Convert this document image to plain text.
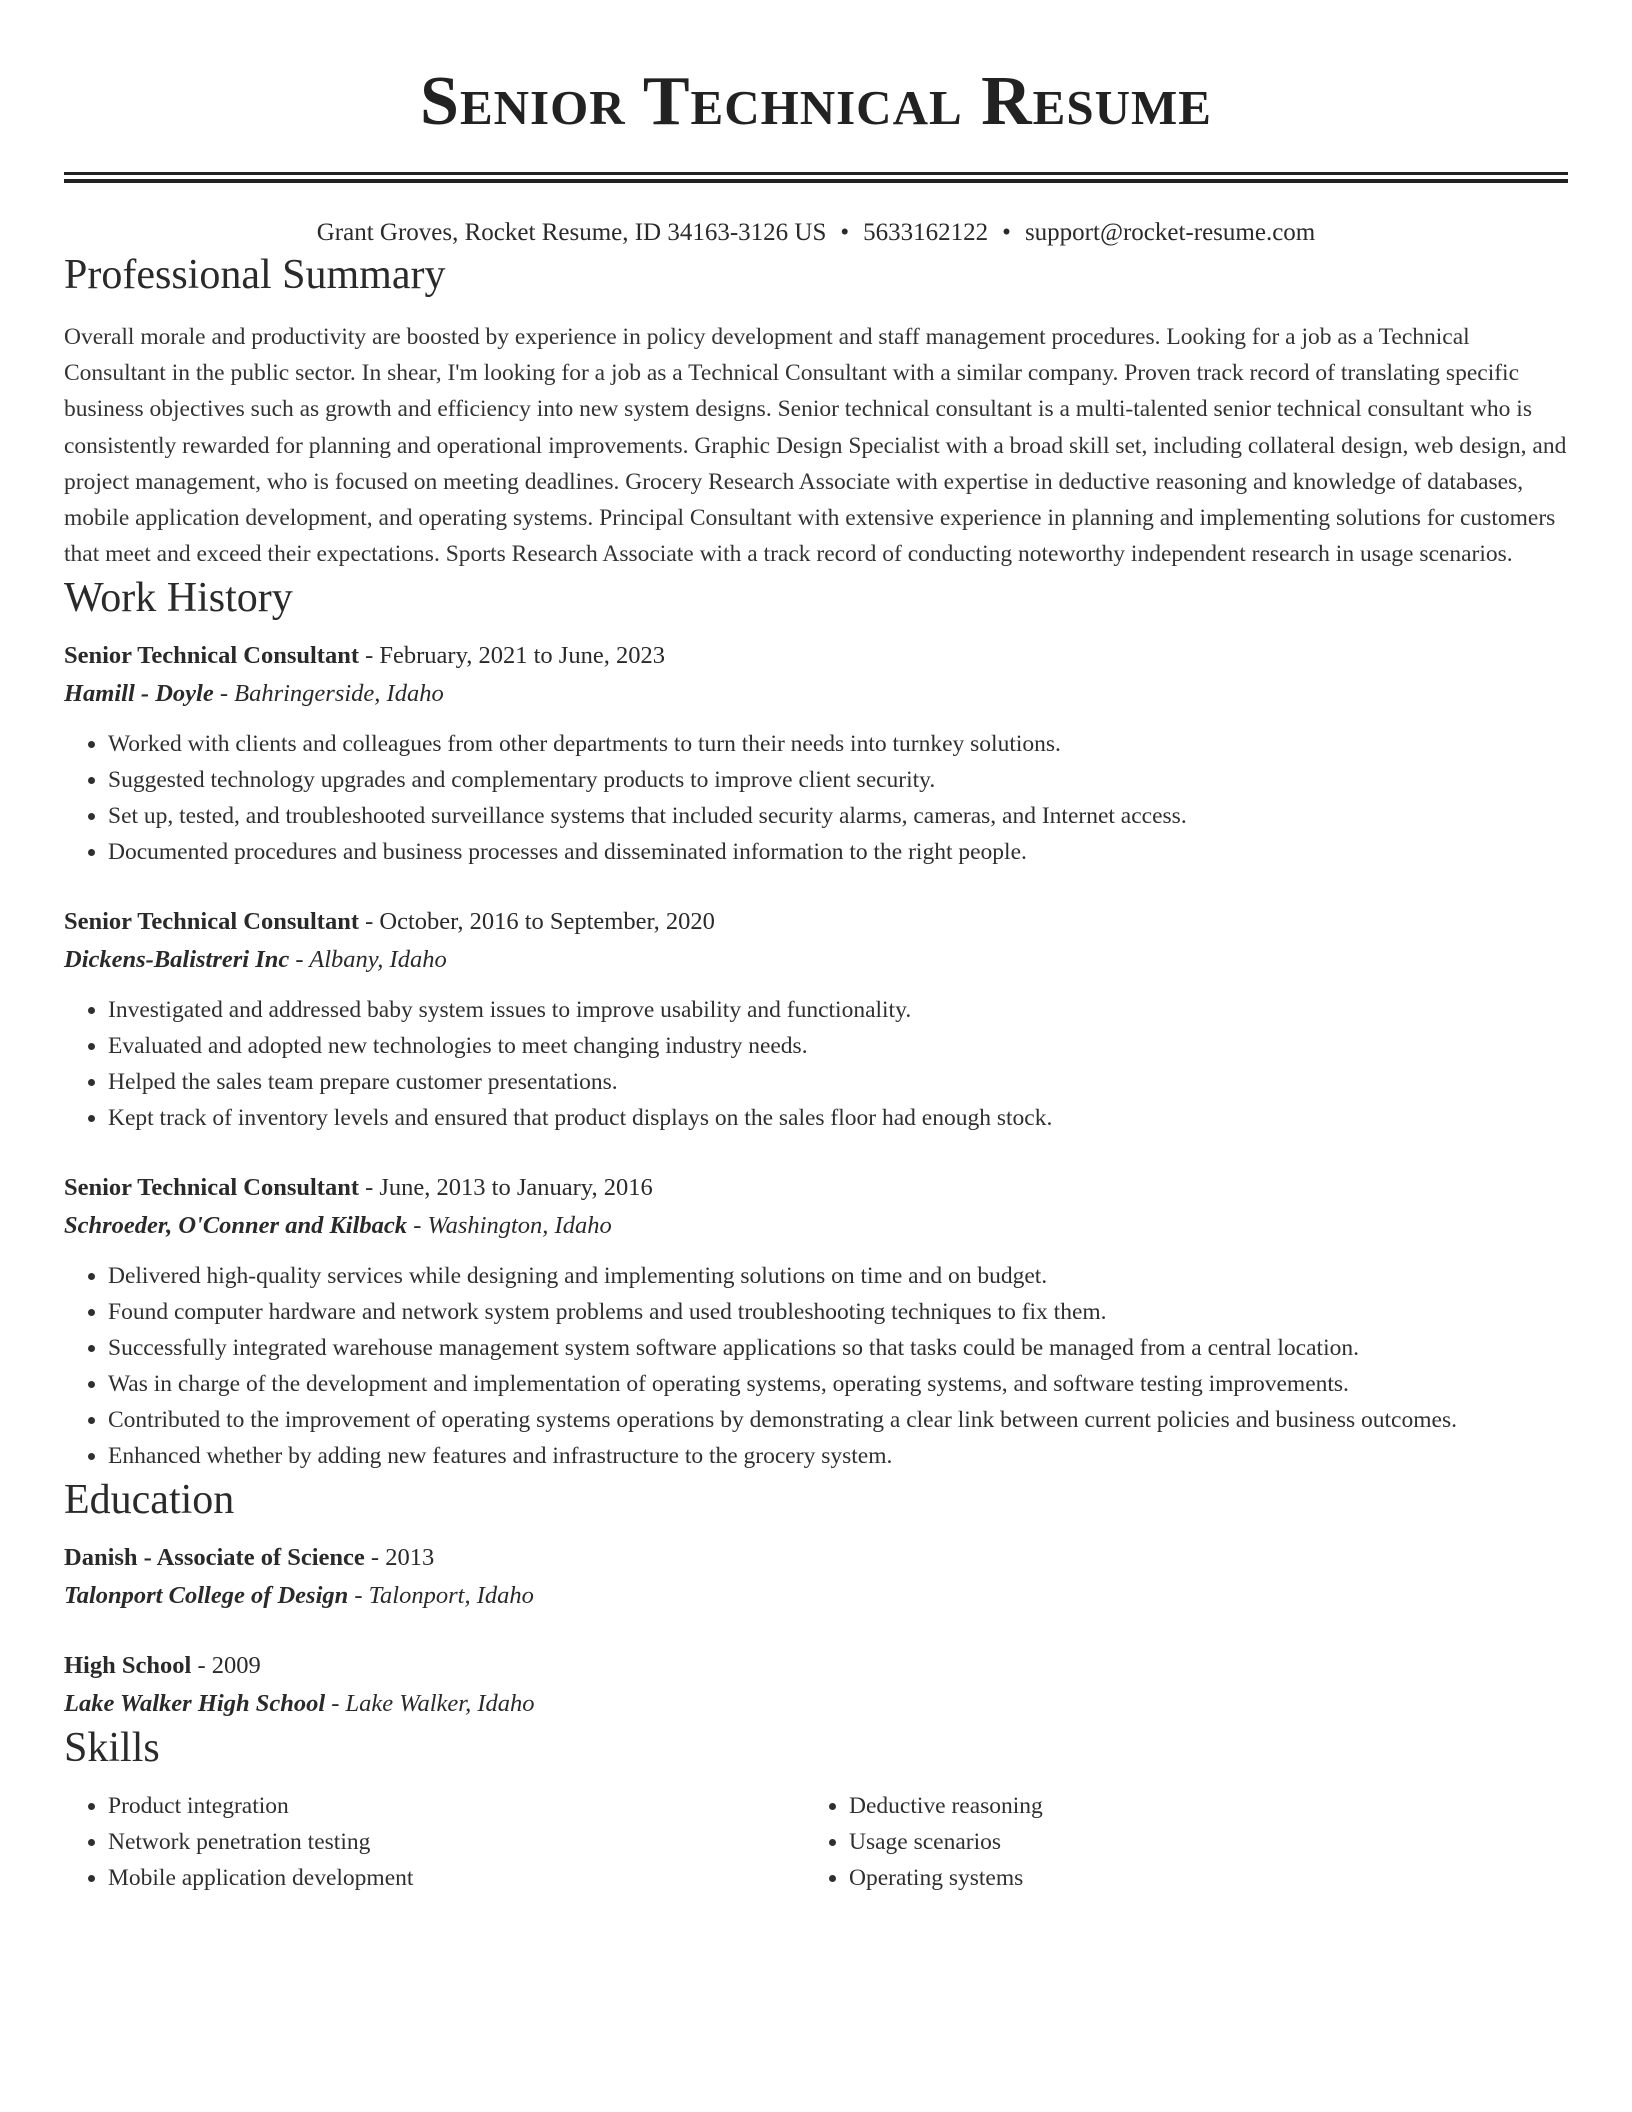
Senior Technical Resume
Grant Groves, Rocket Resume, ID 34163-3126 US • 5633162122 • support@rocket-resume.com
Professional Summary
Overall morale and productivity are boosted by experience in policy development and staff management procedures. Looking for a job as a Technical Consultant in the public sector. In shear, I'm looking for a job as a Technical Consultant with a similar company. Proven track record of translating specific business objectives such as growth and efficiency into new system designs. Senior technical consultant is a multi-talented senior technical consultant who is consistently rewarded for planning and operational improvements. Graphic Design Specialist with a broad skill set, including collateral design, web design, and project management, who is focused on meeting deadlines. Grocery Research Associate with expertise in deductive reasoning and knowledge of databases, mobile application development, and operating systems. Principal Consultant with extensive experience in planning and implementing solutions for customers that meet and exceed their expectations. Sports Research Associate with a track record of conducting noteworthy independent research in usage scenarios.
Work History
Senior Technical Consultant - February, 2021 to June, 2023
Hamill - Doyle - Bahringerside, Idaho
• Worked with clients and colleagues from other departments to turn their needs into turnkey solutions.
• Suggested technology upgrades and complementary products to improve client security.
• Set up, tested, and troubleshooted surveillance systems that included security alarms, cameras, and Internet access.
• Documented procedures and business processes and disseminated information to the right people.
Senior Technical Consultant - October, 2016 to September, 2020
Dickens-Balistreri Inc - Albany, Idaho
• Investigated and addressed baby system issues to improve usability and functionality.
• Evaluated and adopted new technologies to meet changing industry needs.
• Helped the sales team prepare customer presentations.
• Kept track of inventory levels and ensured that product displays on the sales floor had enough stock.
Senior Technical Consultant - June, 2013 to January, 2016
Schroeder, O'Conner and Kilback - Washington, Idaho
• Delivered high-quality services while designing and implementing solutions on time and on budget.
• Found computer hardware and network system problems and used troubleshooting techniques to fix them.
• Successfully integrated warehouse management system software applications so that tasks could be managed from a central location.
• Was in charge of the development and implementation of operating systems, operating systems, and software testing improvements.
• Contributed to the improvement of operating systems operations by demonstrating a clear link between current policies and business outcomes.
• Enhanced whether by adding new features and infrastructure to the grocery system.
Education
Danish - Associate of Science - 2013
Talonport College of Design - Talonport, Idaho
High School - 2009
Lake Walker High School - Lake Walker, Idaho
Skills
• Product integration
• Network penetration testing
• Mobile application development
• Deductive reasoning
• Usage scenarios
• Operating systems
